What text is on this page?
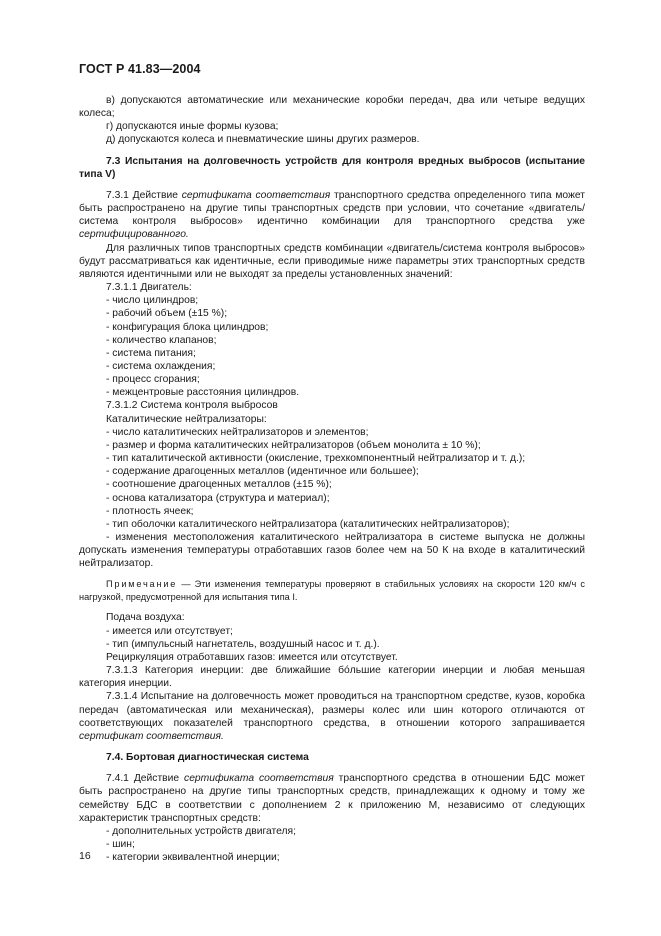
ГОСТ Р 41.83—2004

в) допускаются автоматические или механические коробки передач, два или четыре ведущих колеса;

г) допускаются иные формы кузова;

д) допускаются колеса и пневматические шины других размеров.

7.3 Испытания на долговечность устройств для контроля вредных выбросов (испытание типа V)

7.3.1 Действие сертификата соответствия транспортного средства определенного типа может быть распространено на другие типы транспортных средств при условии, что сочетание «двигатель/система контроля выбросов» идентично комбинации для транспортного средства уже сертифицированного.

Для различных типов транспортных средств комбинации «двигатель/система контроля выбросов» будут рассматриваться как идентичные, если приводимые ниже параметры этих транспортных средств являются идентичными или не выходят за пределы установленных значений:

7.3.1.1 Двигатель:

- число цилиндров;

- рабочий объем (±15 %);

- конфигурация блока цилиндров;

- количество клапанов;

- система питания;

- система охлаждения;

- процесс сгорания;

- межцентровые расстояния цилиндров.

7.3.1.2 Система контроля выбросов

Каталитические нейтрализаторы:

- число каталитических нейтрализаторов и элементов;

- размер и форма каталитических нейтрализаторов (объем монолита ± 10 %);

- тип каталитической активности (окисление, трехкомпонентный нейтрализатор и т. д.);

- содержание драгоценных металлов (идентичное или большее);

- соотношение драгоценных металлов (±15 %);

- основа катализатора (структура и материал);

- плотность ячеек;

- тип оболочки каталитического нейтрализатора (каталитических нейтрализаторов);

- изменения местоположения каталитического нейтрализатора в системе выпуска не должны допускать изменения температуры отработавших газов более чем на 50 К на входе в каталитический нейтрализатор.

Примечание — Эти изменения температуры проверяют в стабильных условиях на скорости 120 км/ч с нагрузкой, предусмотренной для испытания типа I.

Подача воздуха:

- имеется или отсутствует;

- тип (импульсный нагнетатель, воздушный насос и т. д.).

Рециркуляция отработавших газов: имеется или отсутствует.

7.3.1.3 Категория инерции: две ближайшие бóльшие категории инерции и любая меньшая категория инерции.

7.3.1.4 Испытание на долговечность может проводиться на транспортном средстве, кузов, коробка передач (автоматическая или механическая), размеры колес или шин которого отличаются от соответствующих показателей транспортного средства, в отношении которого запрашивается сертификат соответствия.

7.4. Бортовая диагностическая система

7.4.1 Действие сертификата соответствия транспортного средства в отношении БДС может быть распространено на другие типы транспортных средств, принадлежащих к одному и тому же семейству БДС в соответствии с дополнением 2 к приложению М, независимо от следующих характеристик транспортных средств:

- дополнительных устройств двигателя;

- шин;

- категории эквивалентной инерции;

16
